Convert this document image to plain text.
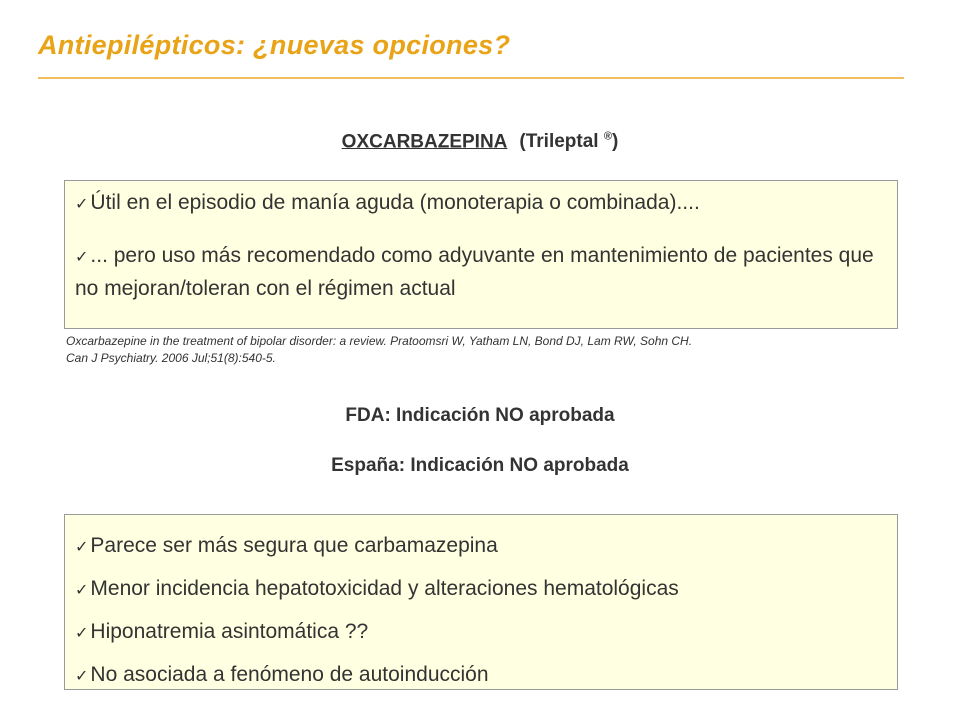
Antiepilépticos: ¿nuevas opciones?
OXCARBAZEPINA (Trileptal ®)
✓Útil en el episodio de manía aguda (monoterapia o combinada)....
✓... pero uso más recomendado como adyuvante en mantenimiento de pacientes que no mejoran/toleran con el régimen actual
Oxcarbazepine in the treatment of bipolar disorder: a review. Pratoomsri W, Yatham LN, Bond DJ, Lam RW, Sohn CH.
Can J Psychiatry. 2006 Jul;51(8):540-5.
FDA: Indicación NO aprobada
España: Indicación NO aprobada
✓Parece ser más segura que carbamazepina
✓Menor incidencia hepatotoxicidad y alteraciones hematológicas
✓Hiponatremia asintomática ??
✓No asociada a fenómeno de autoinducción
